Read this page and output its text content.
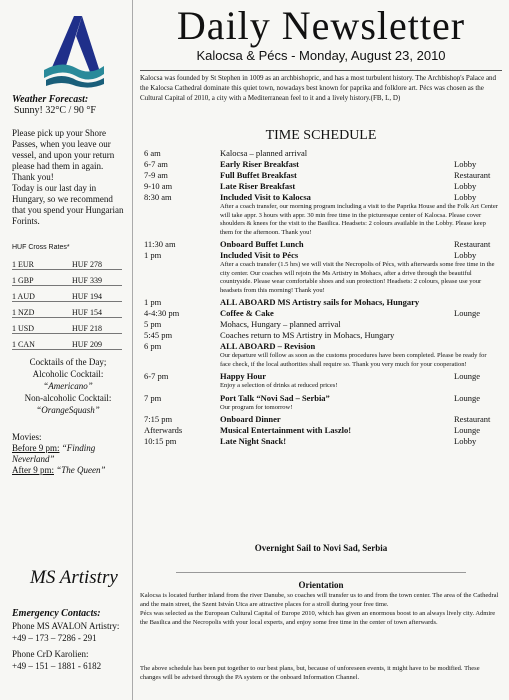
Weather Forecast:
Sunny! 32°C / 90 °F
Please pick up your Shore Passes, when you leave our vessel, and upon your return please had them in again. Thank you!
Today is our last day in Hungary, so we recommend that you spend your Hungarian Forints.
HUF Cross Rates*
1 EUR	HUF 278
1 GBP	HUF 339
1 AUD	HUF 194
1 NZD	HUF 154
1 USD	HUF 218
1 CAN	HUF 209
Cocktails of the Day;
Alcoholic Cocktail:
“Americano”
Non-alcoholic Cocktail:
“OrangeSquash”
Movies:
Before 9 pm: “Finding Neverland”
After 9 pm: “The Queen”
MS Artistry
Emergency Contacts:
Phone MS AVALON Artistry:
+49 – 173 – 7286 - 291
Phone CrD Karolien:
+49 – 151 – 1881 - 6182
Daily Newsletter
Kalocsa & Pécs - Monday, August 23, 2010
Kalocsa was founded by St Stephen in 1009 as an archbishopric, and has a most turbulent history. The Archbishop's Palace and the Kalocsa Cathedral dominate this quiet town, nowadays best known for paprika and folklore art. Pécs was chosen as the Cultural Capital of 2010, a city with a Mediterranean feel to it and a lively history.(FB, L, D)
TIME SCHEDULE
6 am	Kalocsa – planned arrival
6-7 am	Early Riser Breakfast	Lobby
7-9 am	Full Buffet Breakfast	Restaurant
9-10 am	Late Riser Breakfast	Lobby
8:30 am	Included Visit to Kalocsa	Lobby
After a coach transfer, our morning program including a visit to the Paprika House and the Folk Art Center will take appr. 3 hours with appr. 30 min free time in the picturesque center of Kalocsa. Please cover shoulders & knees for the visit to the Basilica. Headsets: 2 colours available in the Lobby. Please keep them for the afternoon. Thank you!
11:30 am	Onboard Buffet Lunch	Restaurant
1 pm	Included Visit to Pécs	Lobby
After a coach transfer (1.5 hrs) we will visit the Necropolis of Pécs, with afterwards some free time in the city center. Our coaches will rejoin the Ms Artistry in Mohacs, after a drive through the beautiful countryside. Please wear comfortable shoes and sun protection! Headsets: 2 colours, please use your headsets from this morning! Thank you!
1 pm	ALL ABOARD MS Artistry sails for Mohacs, Hungary
4-4:30 pm	Coffee & Cake	Lounge
5 pm	Mohacs, Hungary – planned arrival
5:45 pm	Coaches return to MS Artistry in Mohacs, Hungary
6 pm	ALL ABOARD – Revision
Our departure will follow as soon as the customs procedures have been completed. Please be ready for face check, if the local authorities shall require so. Thank you very much for your cooperation!
6-7 pm	Happy Hour	Lounge
Enjoy a selection of drinks at reduced prices!
7 pm	Port Talk “Novi Sad – Serbia”	Lounge
Our program for tomorrow!
7:15 pm	Onboard Dinner	Restaurant
Afterwards	Musical Entertainment with Laszlo!	Lounge
10:15 pm	Late Night Snack!	Lobby
Overnight Sail to Novi Sad, Serbia
Orientation
Kalocsa is located further inland from the river Danube, so coaches will transfer us to and from the town center. The area of the Cathedral and the main street, the Szent István Utca are attractive places for a stroll during your free time.
Pécs was selected as the European Cultural Capital of Europe 2010, which has given an enormous boost to an always lively city. Admire the Basilica and the Necropolis with your local experts, and enjoy some free time in the center of town afterwards.
The above schedule has been put together to our best plans, but, because of unforeseen events, it might have to be modified. These changes will be advised through the PA system or the onboard Information Channel.
